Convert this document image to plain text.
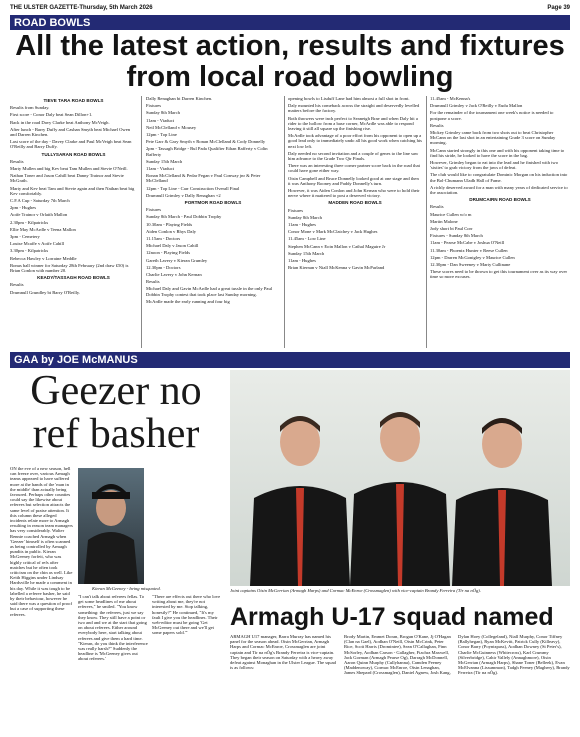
THE ULSTER GAZETTE-Thursday, 5th March 2026	Page 39
ROAD BOWLS
All the latest action, results and fixtures from local road bowling

TIEVE TARA ROAD BOWLS

Results from Sunday.

First score - Conor Daly beat Sean Dillon+1.

Back in the road Davy Clarke beat Anthony McVeigh.

After lunch - Barry Duffy and Cashan Smyth beat Michael Owen and Darren Kinchen.

Last score of the day - Davey Clarke and Paul McVeigh beat Sean O'Reilly and Barry Duffy.

TULLYSARAN ROAD BOWLS

Results

Marty Mullen and big Kev beat Tam Mullen and Stevie O'Neill.

Nathan Toner and Jason Cahill beat Danny Trainor and Stevie McGrath.

Marty and Kev beat Tam and Stevie again and then Nathan beat big Kev comfortably.

C.F.A Cup - Saturday 7th March

2pm - Hughes

Aoife Trainor v Orlaith Mallon

2.30pm - Kilpatricks

Ellie May McArdle v Teena Mallon

3pm - Cemetery

Louise Mcaffe v Aoife Cahill

3.30pm - Kilpatricks

Rebecca Hawley v Lorraine Meddle

Bonus ball winner for Saturday 28th February (2nd draw £50) is Brian Conlon with number 20.

KEADY/TASSAGH ROAD BOWLS

Results

Drumnull Grundley bt Barry O'Reilly.

Dally Renaghan bt Darren Kinchen.

Fixtures

Sunday 8th March

11am - Viaduct

Neil McClelland v Mousey

12pm - Top Line

Pete Garr & Gary Smyth v Ronan McClelland & Cody Donnelly

2pm - Tassagh Bridge - Bul Pada Qualifier Ethan Rafferty v Colin Rafferty

Sunday 15th March

11am - Viaduct

Ronan McClelland & Pedar Fegan v Paul Conway jnr & Peter McClelland

12pm - Top Line - Carr Construction Overall Final

Drumnull Grimley v Dally Renaghan +2

PORTMOR ROAD BOWLS

Fixtures

Sunday 8th March - Paul Dobbin Trophy

10.30am - Playing Fields

Aiden Conlon v Rhys Daly

11.15am - Doctors

Michael Daly v Jason Cahill

12noon - Playing Fields

Gareth Lavery v Kieran Grumley

12.30pm - Doctors

Charlie Lavery v John Kernan

Results

Michael Daly and Gavin McArdle had a great tussle in the only Paul Dobbin Trophy contest that took place last Sunday morning.

McArdle made the early running and four big

opening bowls to Lisduff Lane had him almost a full shot in front.

Daly mounted his comeback across the straight and deservedly levelled matters before the factory.

Both throwers were inch perfect to Seaneigh Brae and when Daly hit a rider to the hollow from a base corner, McArdle was able to respond leaving it still all square up the finishing rise.

McArdle took advantage of a poor effort from his opponent to open up a good lead only to immediately undo all his good work when catching his next low left.

Daly needed no second invitation and a couple of genes to the line saw him advance to the Grade Two Qtr Finals.

There was an interesting three corner partner score back in the road that could have gone either way.

Oisin Campbell and Bruce Donnelly looked good at one stage and then it was Anthony Rooney and Paddy Donnelly's turn.

However, it was Aiden Conlon and John Kernan who were to hold their nerve where it mattered to post a deserved victory.

MADDEN ROAD BOWLS

Fixtures

Sunday 8th March

11am - Hughes

Conor Mone v Mark McClatchey v Jack Hughes

11.45am - Low Line

Stephen McCann v Eoin Mallon v Cathal Maguire Jr

Sunday 15th March

11am - Hughes

Brian Kiernan v Niall McKenna v Gavin McParland

11.45am - McKenna's

Drumnull Grimley v Jack O'Reilly v Eudu Mallon

For the remainder of the tournament one week's notice is needed to postpone a score.

Results

Mickey Grimley came back from two shots out to beat Christopher McCann on the last shot in an entertaining Grade 3 score on Sunday morning.

McCann started strongly in this one and with his opponent taking time to find his stride, he looked to have the score in the bag.

However, Grimley began to eat into the lead and he finished with two 'sixties' to grab victory from the jaws of defeat.

The club would like to congratulate Dominic Morgan on his induction into the Bol-Chumann Uladh Hall of Fame.

A richly deserved award for a man with many years of dedicated service to the association.

DRUMCAIRN ROAD BOWLS

Results

Maurice Cullen w/o m

Martin Malone

Jody short bt Paul Corr

Fixtures - Sunday 8th March

11am - Pearse McCabe v Joshua O'Neill

11.30am - Phoenix Hunter v Reese Cullen

12pm - Darren McGonigley v Maurice Cullen

12.30pm - Dan Sweeney v Marty Cullinane

These scores need to be thrown to get this tournament over as its way over time so more excuses.

GAA by JOE McMANUS
Geezer no ref basher

ON the eve of a new season, hell can freeze over, various Armagh teams appeared to have suffered more at the hands of the 'man in the middle' than actually being favoured. Perhaps other counties could say the likewise about referees but selection attracts the same level of praise attention. It this column these alleged incidents relate more to Armagh resulting in reason team managers has very considerably. Walter Rennie coached Armagh when 'Geezer' himself is often scanned as being controlled by Armagh pundits in public. Kieran McGeeney forfeit, who was highly critical of refs after matches but he often took criticism on the chin as well. Like Keith Higgins under Lindsay Hardsville he made a comment in his day. While it was tough to be labelled a referee basher, he said by their behaviour, however he said there was a question of proof but a case of supporting these referees.

Kieran McGeeney - being misquoted.

"I can't talk about referees fellas. To get some headlines of me about referees," he smiled. "You know something: the referees, just we say they know. They still have a point or two and and we at the start that going on about referees. Either around everybody here, start talking about referees and give them a hard time. "Kieran, do you think the interference was really harsh?" Suddenly the headline is 'McGeeney gives out about referees.'

"There are effects out there who love writing about me, they're not interested by me. Stop talking, honestly?" He continued, "It's my fault I give you the headlines. Their web-editor must be going 'Get McGeeney out there and we'll get some papers sold.'"

Joint captains Oisin McGerrian (Armagh Harps) and Cormac McEnroe (Crossmaglen) with vice-captain Brandy Ferreira (Tír na nÓg).
Armagh U-17 squad named

ARMAGH U17 manager, Barra Murray has named his panel for the season ahead. Oisin McGerrian, Armagh Harps and Cormac McEnroe, Crossmaglen are joint captain and Tír na nÓg's Brandy Ferreira is vice-captain. They began their season on Saturday with a heavy away defeat against Monaghan in the Ulster League. The squad is as follows:

Brody Martin, Emmet Doran, Brogan O'Kane, Jj O'Hagan (Clan na Gael), Aodhan O'Neill, Oisin McCrink, Peter Rice, Scott Harris (Dromintee), Sean O'Callaghan, Finn McSorley, Aodhan Carson - Gallagher, Fiachra Maxwell, Jack Gorman (Armagh Pearse Og), Darragh McDonnell, Aaron Quinn Murphy (Cullyhanna), Camden Feeney (Maddenoway), Cormac McEnroe, Oisin Lenaghan, James Shepard (Crossmaglen), Daniel Agnew, Josh Kang,

Dylan Hoey (Collegeland), Niall Murphy, Conor Tiffney (Ballyhegan), Ryan McKevitt, Patrick Cully (Killeavy), Conor Barry (Poyntzpass), Aodhan Downey (St Peter's), Charlie McGuinness (Whitecross), Karl Crummy (Silverbridge), Cahir Vallely (Annaghmore), Oisin McGerrian (Armagh Harps), Shane Toner (Belleek), Evan McElvanna (Lissummon), Tadgh Feeney (Maghery), Brandy Ferreira (Tír na nÓg).
